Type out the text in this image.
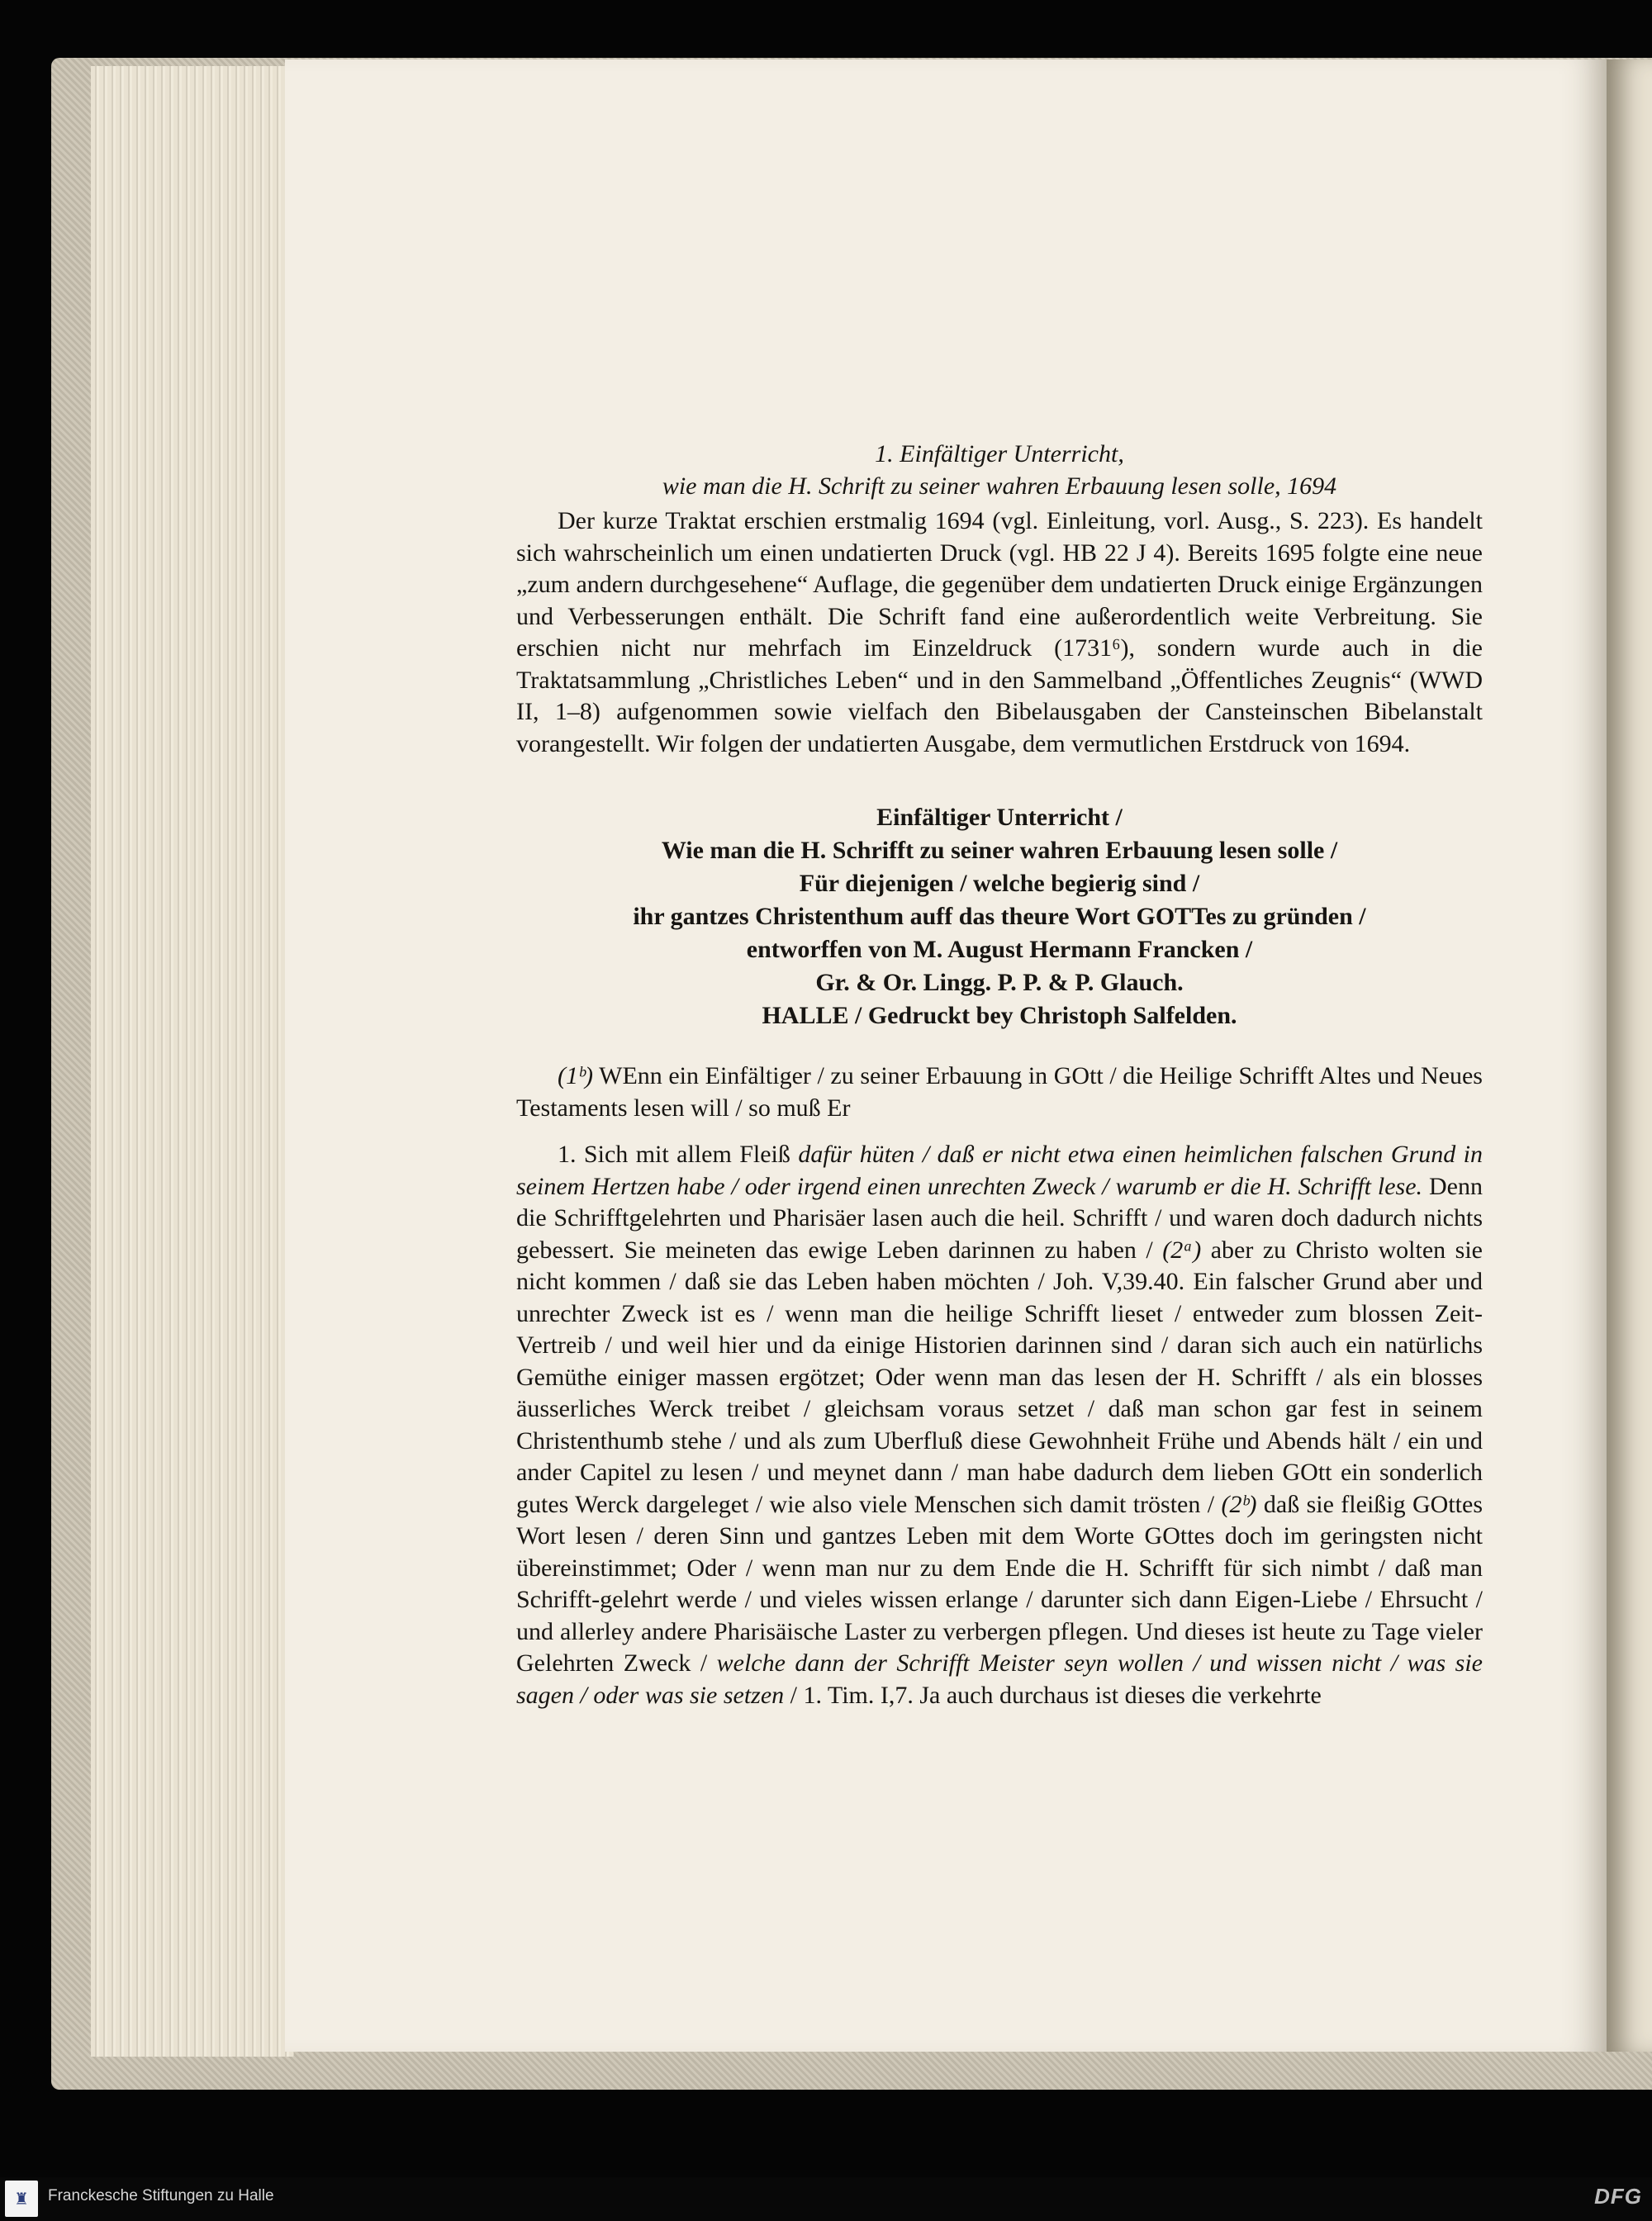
1. Einfältiger Unterricht,
wie man die H. Schrift zu seiner wahren Erbauung lesen solle, 1694

Der kurze Traktat erschien erstmalig 1694 (vgl. Einleitung, vorl. Ausg., S. 223). Es handelt sich wahrscheinlich um einen undatierten Druck (vgl. HB 22 J 4). Bereits 1695 folgte eine neue „zum andern durchgesehene“ Auflage, die gegenüber dem undatierten Druck einige Ergänzungen und Verbesserungen enthält. Die Schrift fand eine außerordentlich weite Verbreitung. Sie erschien nicht nur mehrfach im Einzeldruck (1731⁶), sondern wurde auch in die Traktatsammlung „Christliches Leben“ und in den Sammelband „Öffentliches Zeugnis“ (WWD II, 1–8) aufgenommen sowie vielfach den Bibelausgaben der Cansteinschen Bibelanstalt vorangestellt. Wir folgen der undatierten Ausgabe, dem vermutlichen Erstdruck von 1694.

Einfältiger Unterricht /
Wie man die H. Schrifft zu seiner wahren Erbauung lesen solle /
Für diejenigen / welche begierig sind /
ihr gantzes Christenthum auff das theure Wort GOTTes zu gründen /
entworffen von M. August Hermann Francken /
Gr. & Or. Lingg. P. P. & P. Glauch.
HALLE / Gedruckt bey Christoph Salfelden.

(1ᵇ) WEnn ein Einfältiger / zu seiner Erbauung in GOtt / die Heilige Schrifft Altes und Neues Testaments lesen will / so muß Er

1. Sich mit allem Fleiß dafür hüten / daß er nicht etwa einen heimlichen falschen Grund in seinem Hertzen habe / oder irgend einen unrechten Zweck / warumb er die H. Schrifft lese. Denn die Schrifftgelehrten und Pharisäer lasen auch die heil. Schrifft / und waren doch dadurch nichts gebessert. Sie meineten das ewige Leben darinnen zu haben / (2ᵃ) aber zu Christo wolten sie nicht kommen / daß sie das Leben haben möchten / Joh. V,39.40. Ein falscher Grund aber und unrechter Zweck ist es / wenn man die heilige Schrifft lieset / entweder zum blossen Zeit-Vertreib / und weil hier und da einige Historien darinnen sind / daran sich auch ein natürlichs Gemüthe einiger massen ergötzet; Oder wenn man das lesen der H. Schrifft / als ein blosses äusserliches Werck treibet / gleichsam voraus setzet / daß man schon gar fest in seinem Christenthumb stehe / und als zum Uberfluß diese Gewohnheit Frühe und Abends hält / ein und ander Capitel zu lesen / und meynet dann / man habe dadurch dem lieben GOtt ein sonderlich gutes Werck dargeleget / wie also viele Menschen sich damit trösten / (2ᵇ) daß sie fleißig GOttes Wort lesen / deren Sinn und gantzes Leben mit dem Worte GOttes doch im geringsten nicht übereinstimmet; Oder / wenn man nur zu dem Ende die H. Schrifft für sich nimbt / daß man Schrifft-gelehrt werde / und vieles wissen erlange / darunter sich dann Eigen-Liebe / Ehrsucht / und allerley andere Pharisäische Laster zu verbergen pflegen. Und dieses ist heute zu Tage vieler Gelehrten Zweck / welche dann der Schrifft Meister seyn wollen / und wissen nicht / was sie sagen / oder was sie setzen / 1. Tim. I,7. Ja auch durchaus ist dieses die verkehrte

♜	Franckesche Stiftungen zu Halle	DFG
